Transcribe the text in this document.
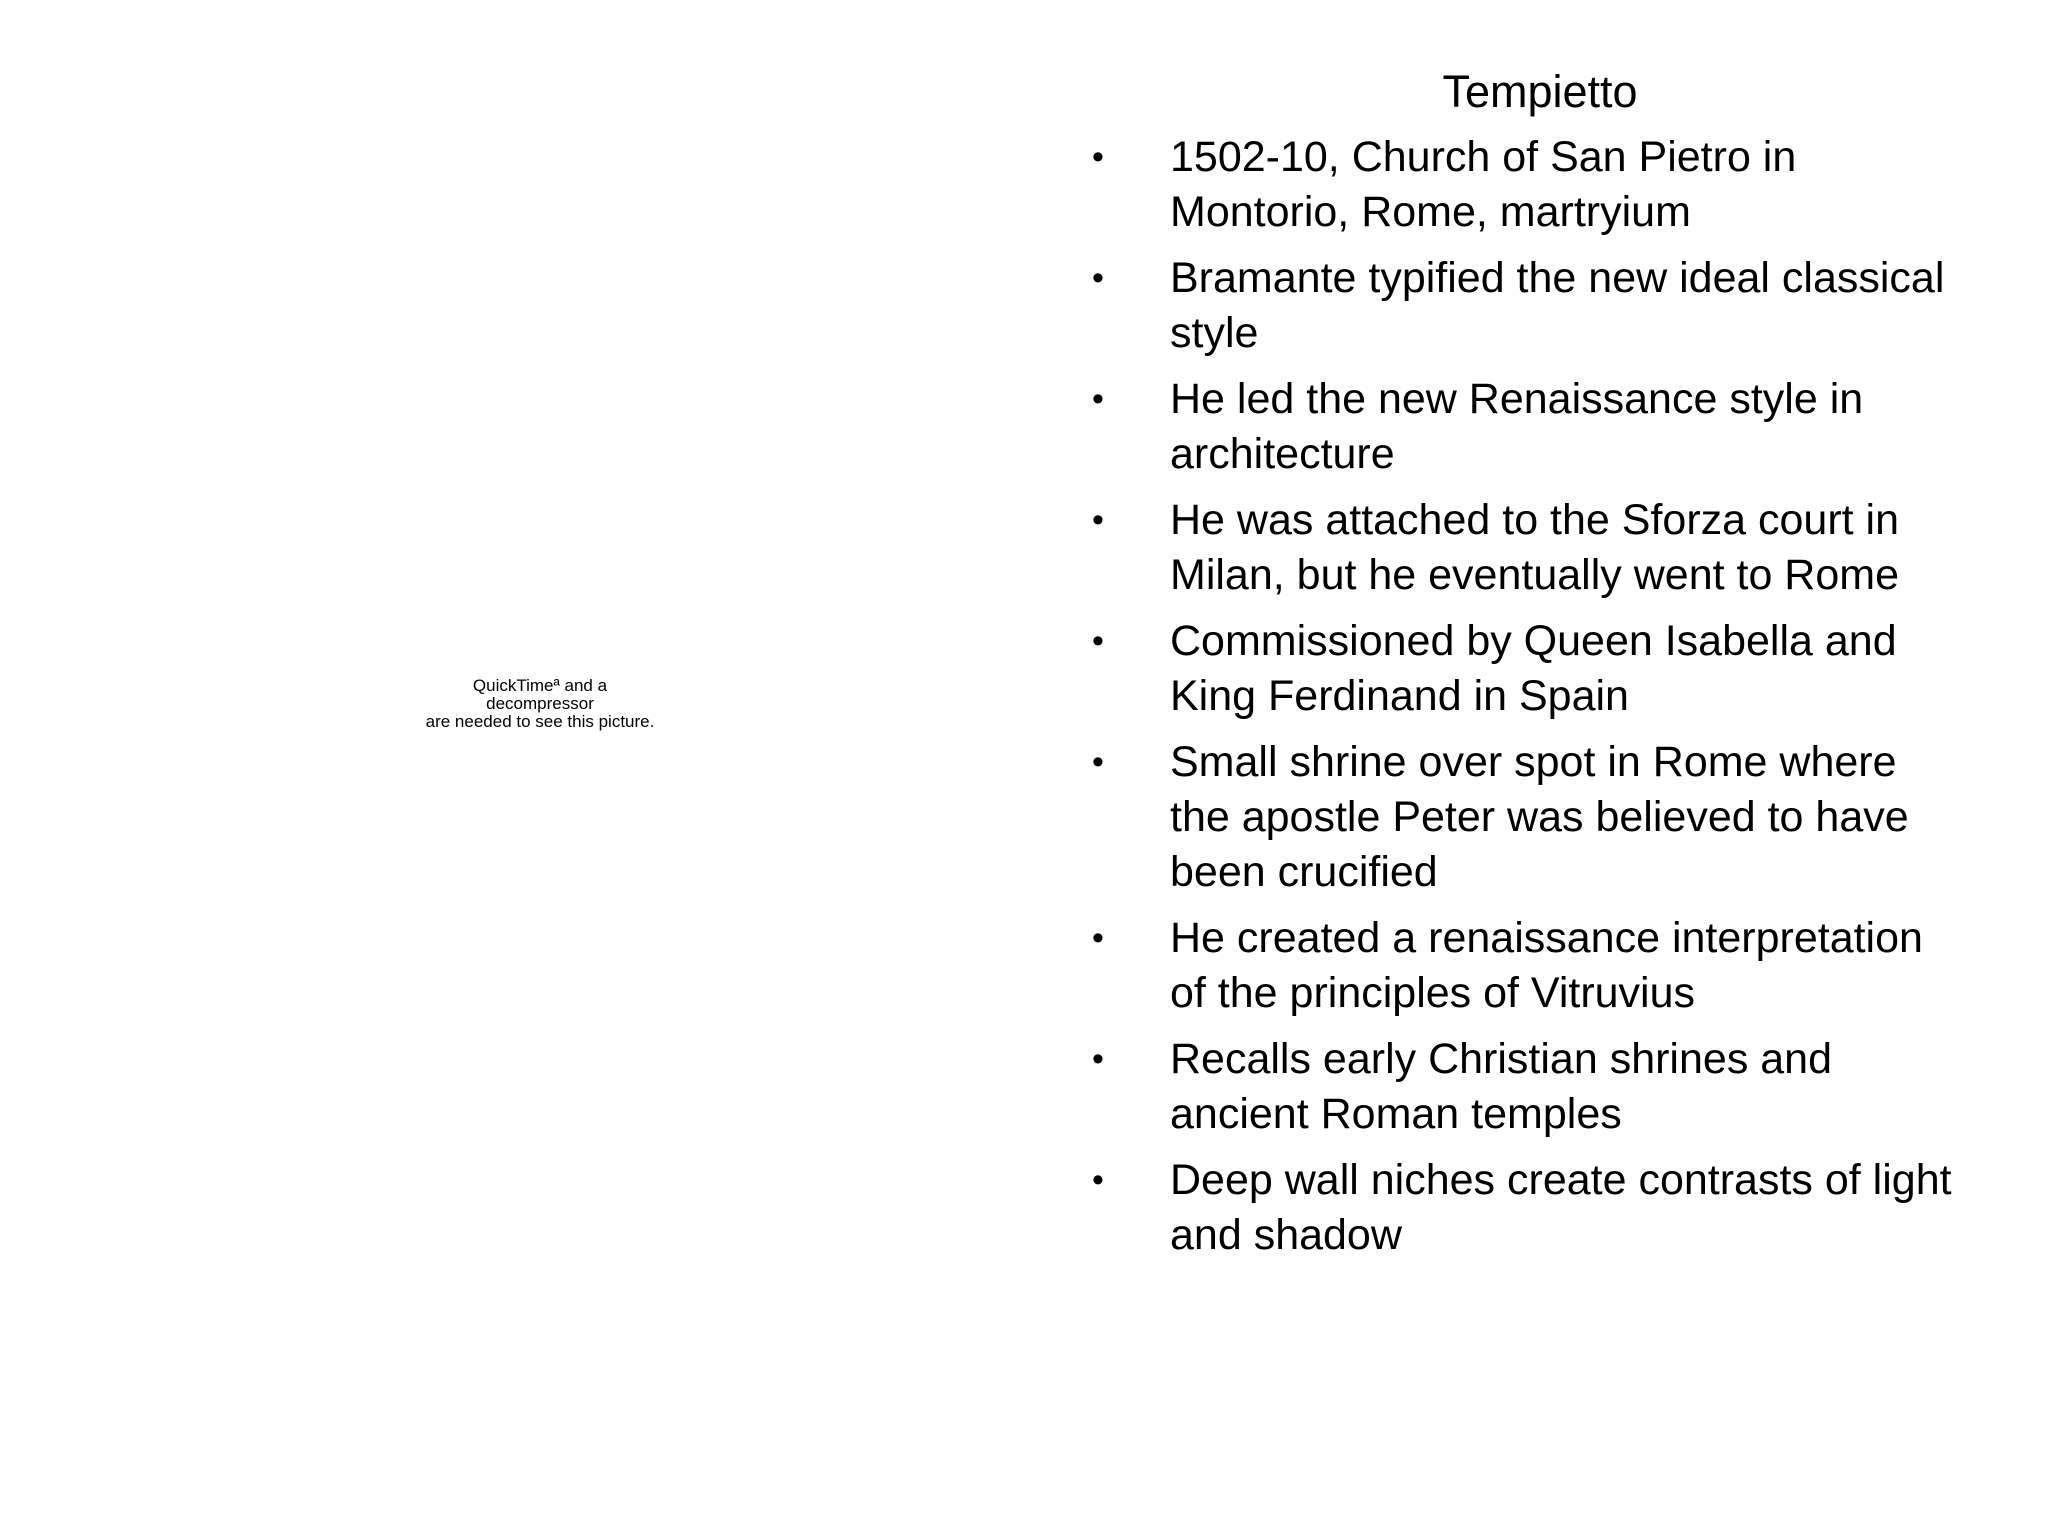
QuickTimeª and a
decompressor
are needed to see this picture.
Tempietto
• 1502-10, Church of San Pietro in
Montorio, Rome, martryium
• Bramante typified the new ideal classical
style
• He led the new Renaissance style in
architecture
• He was attached to the Sforza court in
Milan, but he eventually went to Rome
• Commissioned by Queen Isabella and
King Ferdinand in Spain
• Small shrine over spot in Rome where
the apostle Peter was believed to have
been crucified
• He created a renaissance interpretation
of the principles of Vitruvius
• Recalls early Christian shrines and
ancient Roman temples
• Deep wall niches create contrasts of light
and shadow
